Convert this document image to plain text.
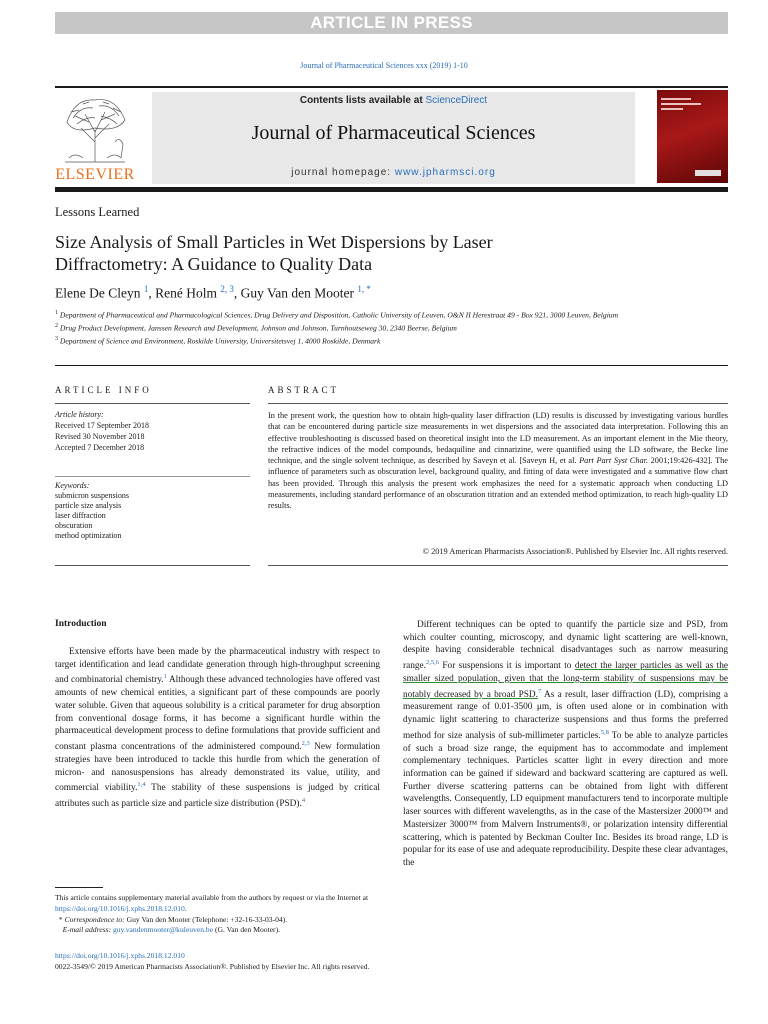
ARTICLE IN PRESS
Journal of Pharmaceutical Sciences xxx (2019) 1-10
ELSEVIER
Contents lists available at ScienceDirect
Journal of Pharmaceutical Sciences
journal homepage: www.jpharmsci.org
Lessons Learned
Size Analysis of Small Particles in Wet Dispersions by Laser
Diffractometry: A Guidance to Quality Data
Elene De Cleyn $^1$, René Holm $^{2, 3}$, Guy Van den Mooter $^{1, *}$
$^1$ Department of Pharmaceutical and Pharmacological Sciences, Drug Delivery and Disposition, Catholic University of Leuven, O&N II Herestraat 49 - Box 921, 3000 Leuven, Belgium
$^2$ Drug Product Development, Janssen Research and Development, Johnson and Johnson, Turnhoutseweg 30, 2340 Beerse, Belgium
$^3$ Department of Science and Environment, Roskilde University, Universitetsvej 1, 4000 Roskilde, Denmark
ARTICLE INFO	ABSTRACT
Article history:
Received 17 September 2018
Revised 30 November 2018
Accepted 7 December 2018
Keywords:
submicron suspensions
particle size analysis
laser diffraction
obscuration
method optimization
In the present work, the question how to obtain high-quality laser diffraction (LD) results is discussed by investigating various hurdles that can be encountered during particle size measurements in wet dispersions and the associated data interpretation. Following this an effective troubleshooting is discussed based on theoretical insight into the LD measurement. As an important element in the Mie theory, the refractive indices of the model compounds, bedaquiline and cinnarizine, were quantified using the LD software, the Becke line technique, and the single solvent technique, as described by Saveyn et al. [Saveyn H, et al. Part Part Syst Char. 2001;19:426-432]. The influence of parameters such as obscuration level, background quality, and fitting of data were investigated and a summative flow chart has been provided. Through this analysis the present work emphasizes the need for a systematic approach when conducting LD measurements, including standard performance of an obscuration titration and an extended method optimization, to reach high-quality LD results.
© 2019 American Pharmacists Association®. Published by Elsevier Inc. All rights reserved.
Introduction

Extensive efforts have been made by the pharmaceutical industry with respect to target identification and lead candidate generation through high-throughput screening and combinatorial chemistry.$^1$ Although these advanced technologies have offered vast amounts of new chemical entities, a significant part of these compounds are poorly water soluble. Given that aqueous solubility is a critical parameter for drug absorption from conventional dosage forms, it has become a significant hurdle within the pharmaceutical development process to define formulations that provide sufficient and constant plasma concentrations of the administered compound.$^{2,3}$ New formulation strategies have been introduced to tackle this hurdle from which the generation of micron- and nanosuspensions has already demonstrated its value, utility, and commercial viability.$^{1,4}$ The stability of these suspensions is judged by critical attributes such as particle size and particle size distribution (PSD).$^4$

Different techniques can be opted to quantify the particle size and PSD, from which coulter counting, microscopy, and dynamic light scattering are well-known, despite having considerable technical disadvantages such as narrow measuring range.$^{2,5,6}$ For suspensions it is important to detect the larger particles as well as the smaller sized population, given that the long-term stability of suspensions may be notably decreased by a broad PSD.$^7$ As a result, laser diffraction (LD), comprising a measurement range of 0.01-3500 μm, is often used alone or in combination with dynamic light scattering to characterize suspensions and thus forms the preferred method for size analysis of sub-millimeter particles.$^{5,8}$ To be able to analyze particles of such a broad size range, the equipment has to accommodate and implement complementary techniques. Particles scatter light in every direction and more information can be gained if sideward and backward scattering are captured as well. Further diverse scattering patterns can be obtained from light with different wavelengths. Consequently, LD equipment manufacturers tend to incorporate multiple laser sources with different wavelengths, as in the case of the Mastersizer 2000™ and Mastersizer 3000™ from Malvern Instruments®, or polarization intensity differential scattering, which is patented by Beckman Coulter Inc. Besides its broad range, LD is popular for its ease of use and adequate reproducibility. Despite these clear advantages, the

This article contains supplementary material available from the authors by request or via the Internet at https://doi.org/10.1016/j.xphs.2018.12.010.
* Correspondence to: Guy Van den Mooter (Telephone: +32-16-33-03-04).
E-mail address: guy.vandenmooter@kuleuven.be (G. Van den Mooter).
https://doi.org/10.1016/j.xphs.2018.12.010
0022-3549/© 2019 American Pharmacists Association®. Published by Elsevier Inc. All rights reserved.
